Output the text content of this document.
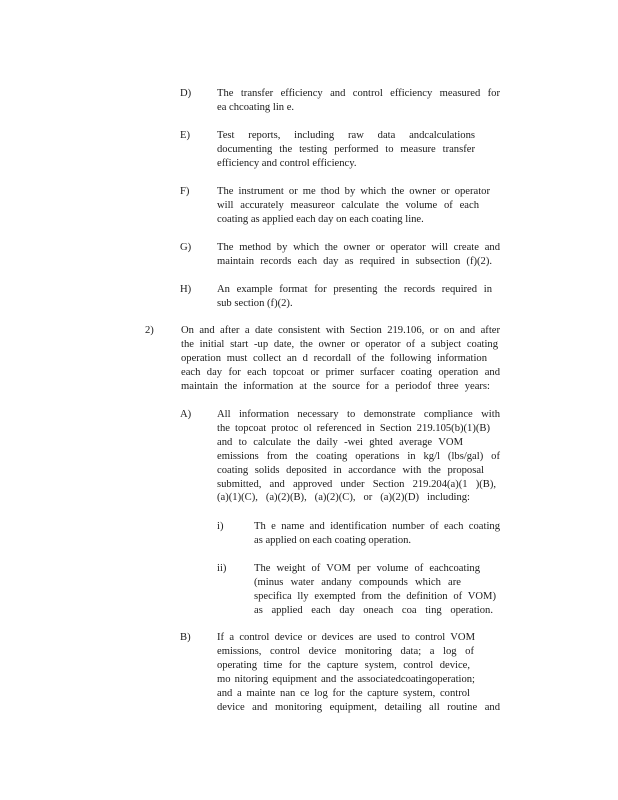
D) The transfer efficiency and control efficiency measured for
ea chcoating lin e.
E)	Test reports, including raw data andcalculations
documenting the testing performed to measure transfer
efficiency and control efficiency.
F)	The instrument or me thod by which the owner or operator
will accurately measureor calculate the volume of each
coating as applied each day on each coating line.
G) The method by which the owner or operator will create and
maintain records each day as required in subsection (f)(2).
H) An example format for presenting the records required in
sub section (f)(2).
2)	On and after a date consistent with Section 219.106, or on and after
the initial start -up date, the owner or operator of a subject coating
operation must collect an d recordall of the following information
each day for each topcoat or primer surfacer coating operation and
maintain the information at the source for a periodof three years:
A) All information necessary to demonstrate compliance with
the topcoat protoc ol referenced in Section 219.105(b)(1)(B)
and to calculate the daily -wei ghted average VOM
emissions from the coating operations in kg/l (lbs/gal) of
coating solids deposited in accordance with the proposal
submitted, and approved under Section 219.204(a)(1 )(B),
(a)(1)(C), (a)(2)(B), (a)(2)(C), or (a)(2)(D) including:
i)	Th e name and identification number of each coating
as applied on each coating operation.
ii)	The weight of VOM per volume of eachcoating
(minus water andany compounds which are
specifica lly exempted from the definition of VOM)
as applied each day oneach coa ting operation.
B) If a control device or devices are used to control VOM
emissions, control device monitoring data; a log of
operating time for the capture system, control device,
mo nitoring equipment and the associatedcoatingoperation;
and a mainte nan ce log for the capture system, control
device and monitoring equipment, detailing all routine and
